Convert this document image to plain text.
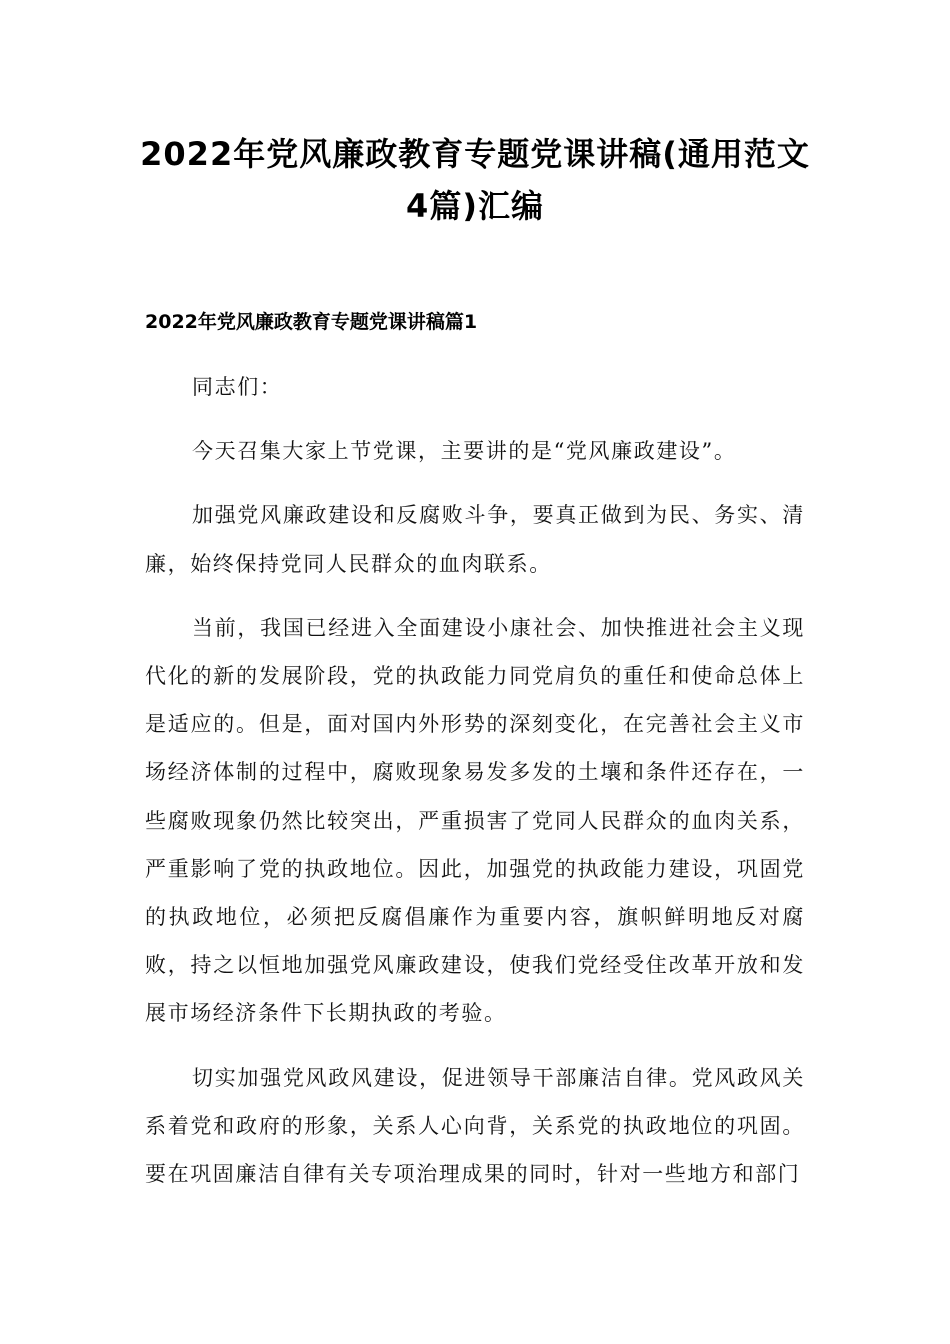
2022年党风廉政教育专题党课讲稿(通用范文4篇)汇编
2022年党风廉政教育专题党课讲稿篇1

同志们：

今天召集大家上节党课，主要讲的是“党风廉政建设”。

加强党风廉政建设和反腐败斗争，要真正做到为民、务实、清廉，始终保持党同人民群众的血肉联系。

当前，我国已经进入全面建设小康社会、加快推进社会主义现代化的新的发展阶段，党的执政能力同党肩负的重任和使命总体上是适应的。但是，面对国内外形势的深刻变化，在完善社会主义市场经济体制的过程中，腐败现象易发多发的土壤和条件还存在，一些腐败现象仍然比较突出，严重损害了党同人民群众的血肉关系，严重影响了党的执政地位。因此，加强党的执政能力建设，巩固党的执政地位，必须把反腐倡廉作为重要内容，旗帜鲜明地反对腐败，持之以恒地加强党风廉政建设，使我们党经受住改革开放和发展市场经济条件下长期执政的考验。

切实加强党风政风建设，促进领导干部廉洁自律。党风政风关系着党和政府的形象，关系人心向背，关系党的执政地位的巩固。要在巩固廉洁自律有关专项治理成果的同时，针对一些地方和部门
